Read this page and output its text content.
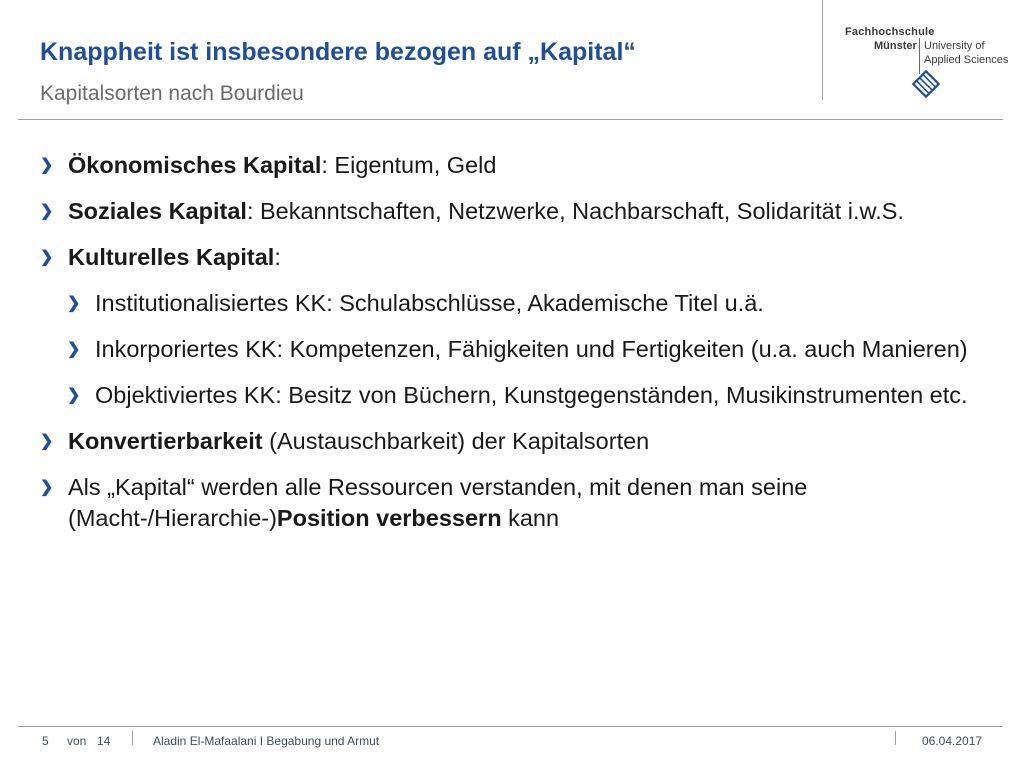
Knappheit ist insbesondere bezogen auf „Kapital“
Kapitalsorten nach Bourdieu
Fachhochschule
Münster University of
Applied Sciences
❯ Ökonomisches Kapital: Eigentum, Geld
❯ Soziales Kapital: Bekanntschaften, Netzwerke, Nachbarschaft, Solidarität i.w.S.
❯ Kulturelles Kapital:
❯ Institutionalisiertes KK: Schulabschlüsse, Akademische Titel u.ä.
❯ Inkorporiertes KK: Kompetenzen, Fähigkeiten und Fertigkeiten (u.a. auch Manieren)
❯ Objektiviertes KK: Besitz von Büchern, Kunstgegenständen, Musikinstrumenten etc.
❯ Konvertierbarkeit (Austauschbarkeit) der Kapitalsorten
❯ Als „Kapital“ werden alle Ressourcen verstanden, mit denen man seine (Macht-/Hierarchie-)Position verbessern kann
5 von 14	Aladin El-Mafaalani I Begabung und Armut	06.04.2017
